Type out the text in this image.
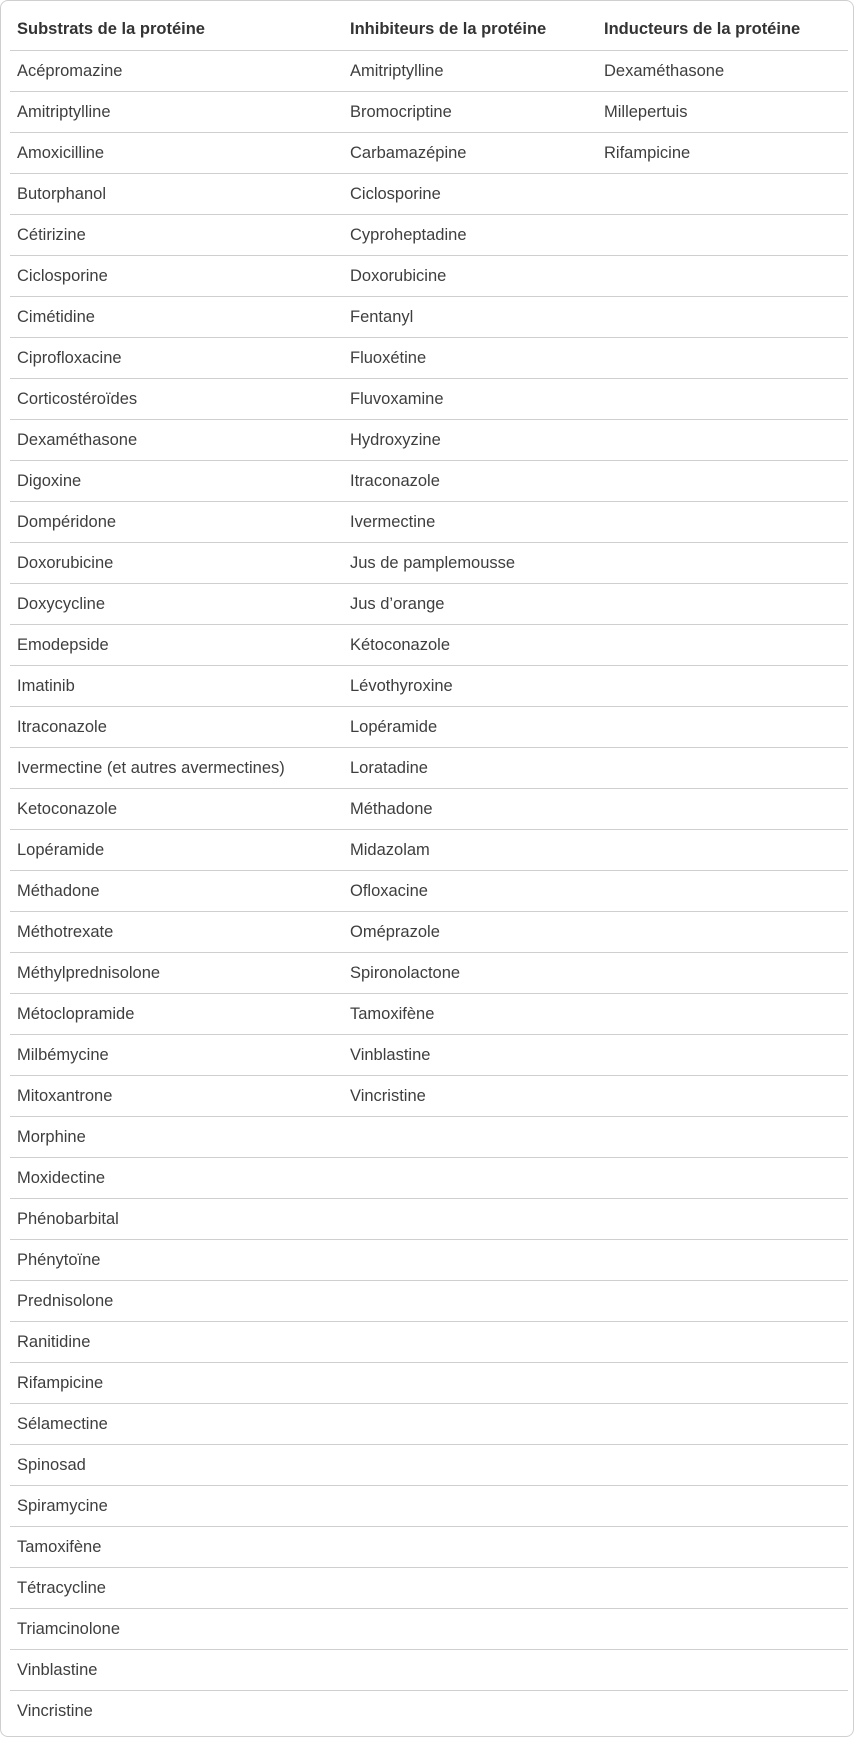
Substrats de la protéine	Inhibiteurs de la protéine	Inducteurs de la protéine
Acépromazine	Amitriptylline	Dexaméthasone
Amitriptylline	Bromocriptine	Millepertuis
Amoxicilline	Carbamazépine	Rifampicine
Butorphanol	Ciclosporine	
Cétirizine	Cyproheptadine	
Ciclosporine	Doxorubicine	
Cimétidine	Fentanyl	
Ciprofloxacine	Fluoxétine	
Corticostéroïdes	Fluvoxamine	
Dexaméthasone	Hydroxyzine	
Digoxine	Itraconazole	
Dompéridone	Ivermectine	
Doxorubicine	Jus de pamplemousse	
Doxycycline	Jus d’orange	
Emodepside	Kétoconazole	
Imatinib	Lévothyroxine	
Itraconazole	Lopéramide	
Ivermectine (et autres avermectines)	Loratadine	
Ketoconazole	Méthadone	
Lopéramide	Midazolam	
Méthadone	Ofloxacine	
Méthotrexate	Oméprazole	
Méthylprednisolone	Spironolactone	
Métoclopramide	Tamoxifène	
Milbémycine	Vinblastine	
Mitoxantrone	Vincristine	
Morphine		
Moxidectine		
Phénobarbital		
Phénytoïne		
Prednisolone		
Ranitidine		
Rifampicine		
Sélamectine		
Spinosad		
Spiramycine		
Tamoxifène		
Tétracycline		
Triamcinolone		
Vinblastine		
Vincristine		
